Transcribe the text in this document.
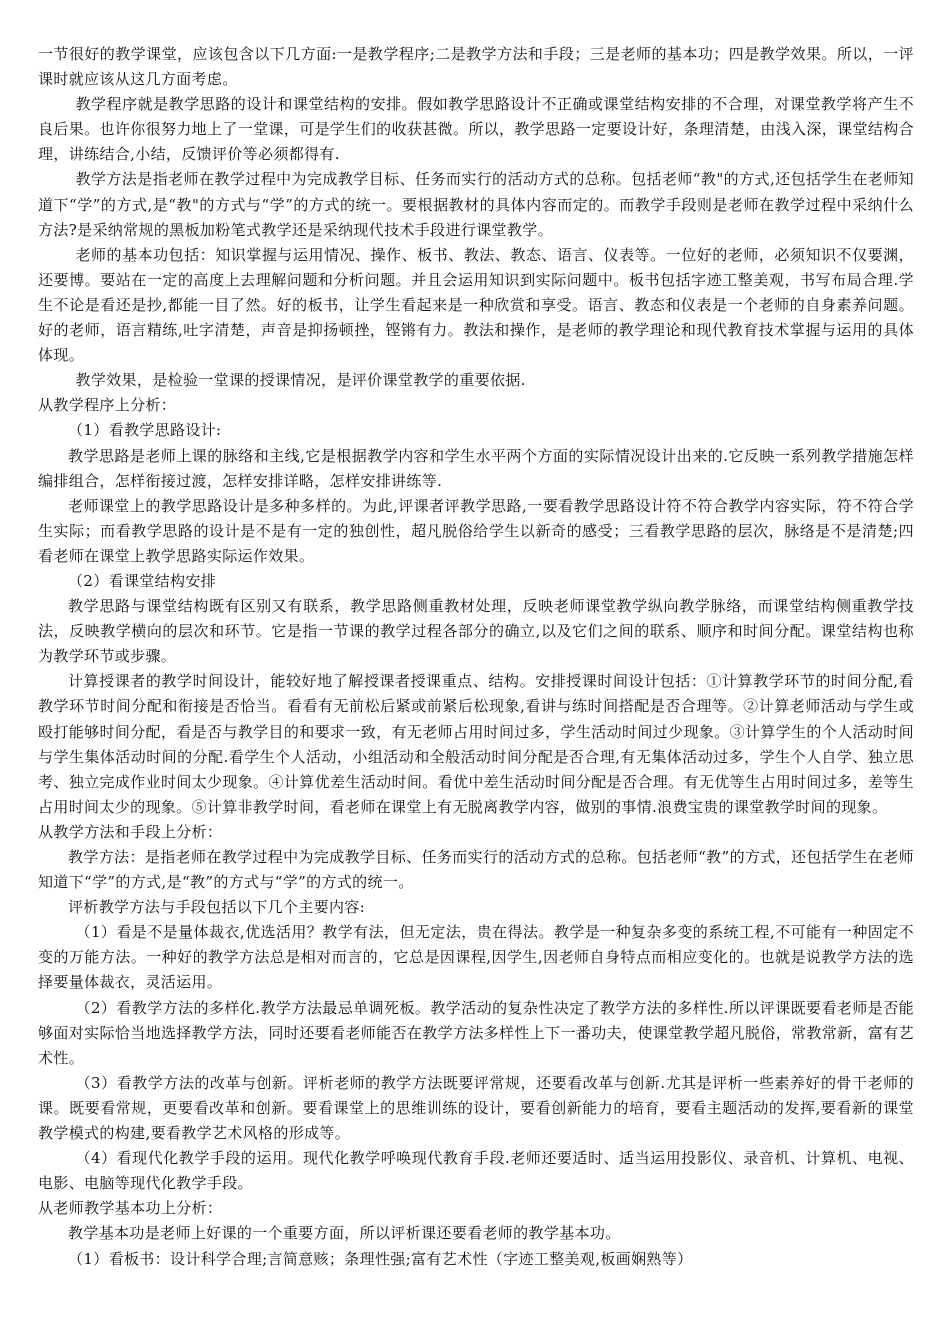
一节很好的教学课堂，应该包含以下几方面:一是教学程序;二是教学方法和手段；三是老师的基本功；四是教学效果。所以，一评课时就应该从这几方面考虑。

教学程序就是教学思路的设计和课堂结构的安排。假如教学思路设计不正确或课堂结构安排的不合理，对课堂教学将产生不良后果。也许你很努力地上了一堂课，可是学生们的收获甚微。所以，教学思路一定要设计好，条理清楚，由浅入深，课堂结构合理，讲练结合,小结，反馈评价等必须都得有.

教学方法是指老师在教学过程中为完成教学目标、任务而实行的活动方式的总称。包括老师“教"的方式,还包括学生在老师知道下“学”的方式,是“教"的方式与“学”的方式的统一。要根据教材的具体内容而定的。而教学手段则是老师在教学过程中采纳什么方法?是采纳常规的黑板加粉笔式教学还是采纳现代技术手段进行课堂教学。

老师的基本功包括：知识掌握与运用情况、操作、板书、教法、教态、语言、仪表等。一位好的老师，必须知识不仅要渊，还要博。要站在一定的高度上去理解问题和分析问题。并且会运用知识到实际问题中。板书包括字迹工整美观，书写布局合理.学生不论是看还是抄,都能一目了然。好的板书，让学生看起来是一种欣赏和享受。语言、教态和仪表是一个老师的自身素养问题。好的老师，语言精练,吐字清楚，声音是抑扬顿挫，铿锵有力。教法和操作，是老师的教学理论和现代教育技术掌握与运用的具体体现。

教学效果，是检验一堂课的授课情况，是评价课堂教学的重要依据.

从教学程序上分析：

（1）看教学思路设计:

教学思路是老师上课的脉络和主线,它是根据教学内容和学生水平两个方面的实际情况设计出来的.它反映一系列教学措施怎样编排组合，怎样衔接过渡，怎样安排详略，怎样安排讲练等.

老师课堂上的教学思路设计是多种多样的。为此,评课者评教学思路,一要看教学思路设计符不符合教学内容实际，符不符合学生实际；而看教学思路的设计是不是有一定的独创性，超凡脱俗给学生以新奇的感受；三看教学思路的层次，脉络是不是清楚;四看老师在课堂上教学思路实际运作效果。

（2）看课堂结构安排

教学思路与课堂结构既有区别又有联系，教学思路侧重教材处理，反映老师课堂教学纵向教学脉络，而课堂结构侧重教学技法，反映教学横向的层次和环节。它是指一节课的教学过程各部分的确立,以及它们之间的联系、顺序和时间分配。课堂结构也称为教学环节或步骤。

计算授课者的教学时间设计，能较好地了解授课者授课重点、结构。安排授课时间设计包括：①计算教学环节的时间分配,看教学环节时间分配和衔接是否恰当。看看有无前松后紧或前紧后松现象,看讲与练时间搭配是否合理等。②计算老师活动与学生或殴打能够时间分配，看是否与教学目的和要求一致，有无老师占用时间过多，学生活动时间过少现象。③计算学生的个人活动时间与学生集体活动时间的分配.看学生个人活动，小组活动和全般活动时间分配是否合理,有无集体活动过多，学生个人自学、独立思考、独立完成作业时间太少现象。④计算优差生活动时间。看优中差生活动时间分配是否合理。有无优等生占用时间过多，差等生占用时间太少的现象。⑤计算非教学时间，看老师在课堂上有无脱离教学内容，做别的事情.浪费宝贵的课堂教学时间的现象。

从教学方法和手段上分析：

教学方法：是指老师在教学过程中为完成教学目标、任务而实行的活动方式的总称。包括老师“教”的方式，还包括学生在老师知道下“学”的方式,是“教”的方式与“学”的方式的统一。

评析教学方法与手段包括以下几个主要内容:

（1）看是不是量体裁衣,优选活用？教学有法，但无定法，贵在得法。教学是一种复杂多变的系统工程,不可能有一种固定不变的万能方法。一种好的教学方法总是相对而言的，它总是因课程,因学生,因老师自身特点而相应变化的。也就是说教学方法的选择要量体裁衣，灵活运用。

（2）看教学方法的多样化.教学方法最忌单调死板。教学活动的复杂性决定了教学方法的多样性.所以评课既要看老师是否能够面对实际恰当地选择教学方法，同时还要看老师能否在教学方法多样性上下一番功夫，使课堂教学超凡脱俗，常教常新，富有艺术性。

（3）看教学方法的改革与创新。评析老师的教学方法既要评常规，还要看改革与创新.尤其是评析一些素养好的骨干老师的课。既要看常规，更要看改革和创新。要看课堂上的思维训练的设计，要看创新能力的培育，要看主题活动的发挥,要看新的课堂教学模式的构建,要看教学艺术风格的形成等。

（4）看现代化教学手段的运用。现代化教学呼唤现代教育手段.老师还要适时、适当运用投影仪、录音机、计算机、电视、电影、电脑等现代化教学手段。

从老师教学基本功上分析：

教学基本功是老师上好课的一个重要方面，所以评析课还要看老师的教学基本功。

（1）看板书：设计科学合理;言简意赅；条理性强;富有艺术性（字迹工整美观,板画娴熟等）
